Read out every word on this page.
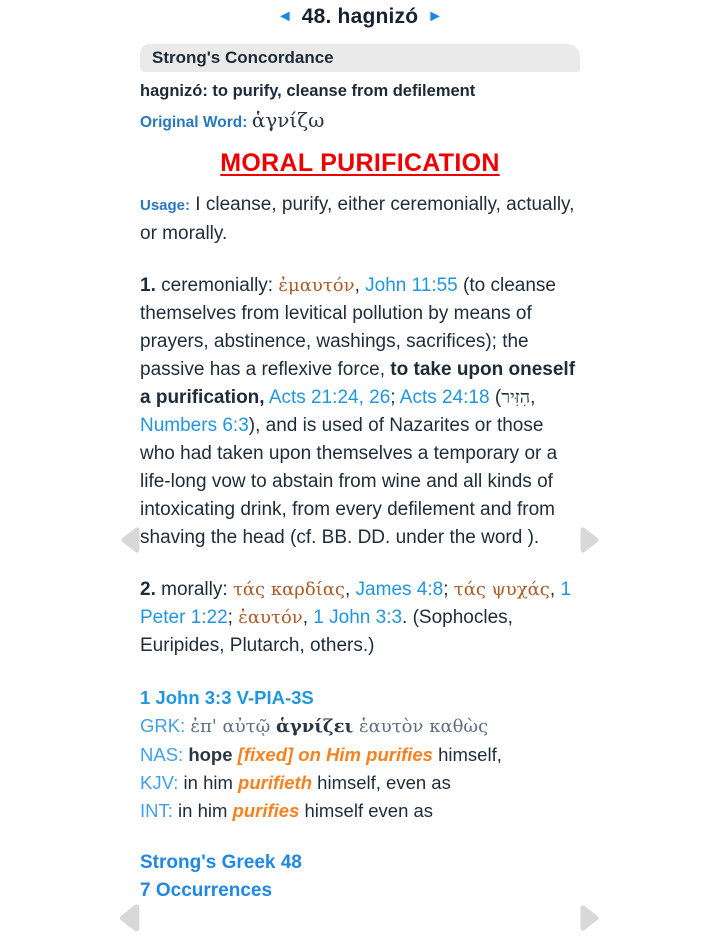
◄ 48. hagnizó ►
Strong's Concordance

hagnizó: to purify, cleanse from defilement

Original Word: ἁγνίζω

MORAL PURIFICATION

Usage: I cleanse, purify, either ceremonially, actually, or morally.

1. ceremonially: ἐμαυτόν, John 11:55 (to cleanse themselves from levitical pollution by means of prayers, abstinence, washings, sacrifices); the passive has a reflexive force, to take upon oneself a purification, Acts 21:24, 26; Acts 24:18 (הִזִּיר, Numbers 6:3), and is used of Nazarites or those who had taken upon themselves a temporary or a life-long vow to abstain from wine and all kinds of intoxicating drink, from every defilement and from shaving the head (cf. BB. DD. under the word ).

2. morally: τάς καρδίας, James 4:8; τάς ψυχάς, 1 Peter 1:22; ἑαυτόν, 1 John 3:3. (Sophocles, Euripides, Plutarch, others.)

1 John 3:3 V-PIA-3S

GRK: ἐπ' αὐτῷ ἁγνίζει ἑαυτὸν καθὼς

NAS: hope [fixed] on Him purifies himself,

KJV: in him purifieth himself, even as

INT: in him purifies himself even as

Strong's Greek 48
7 Occurrences
